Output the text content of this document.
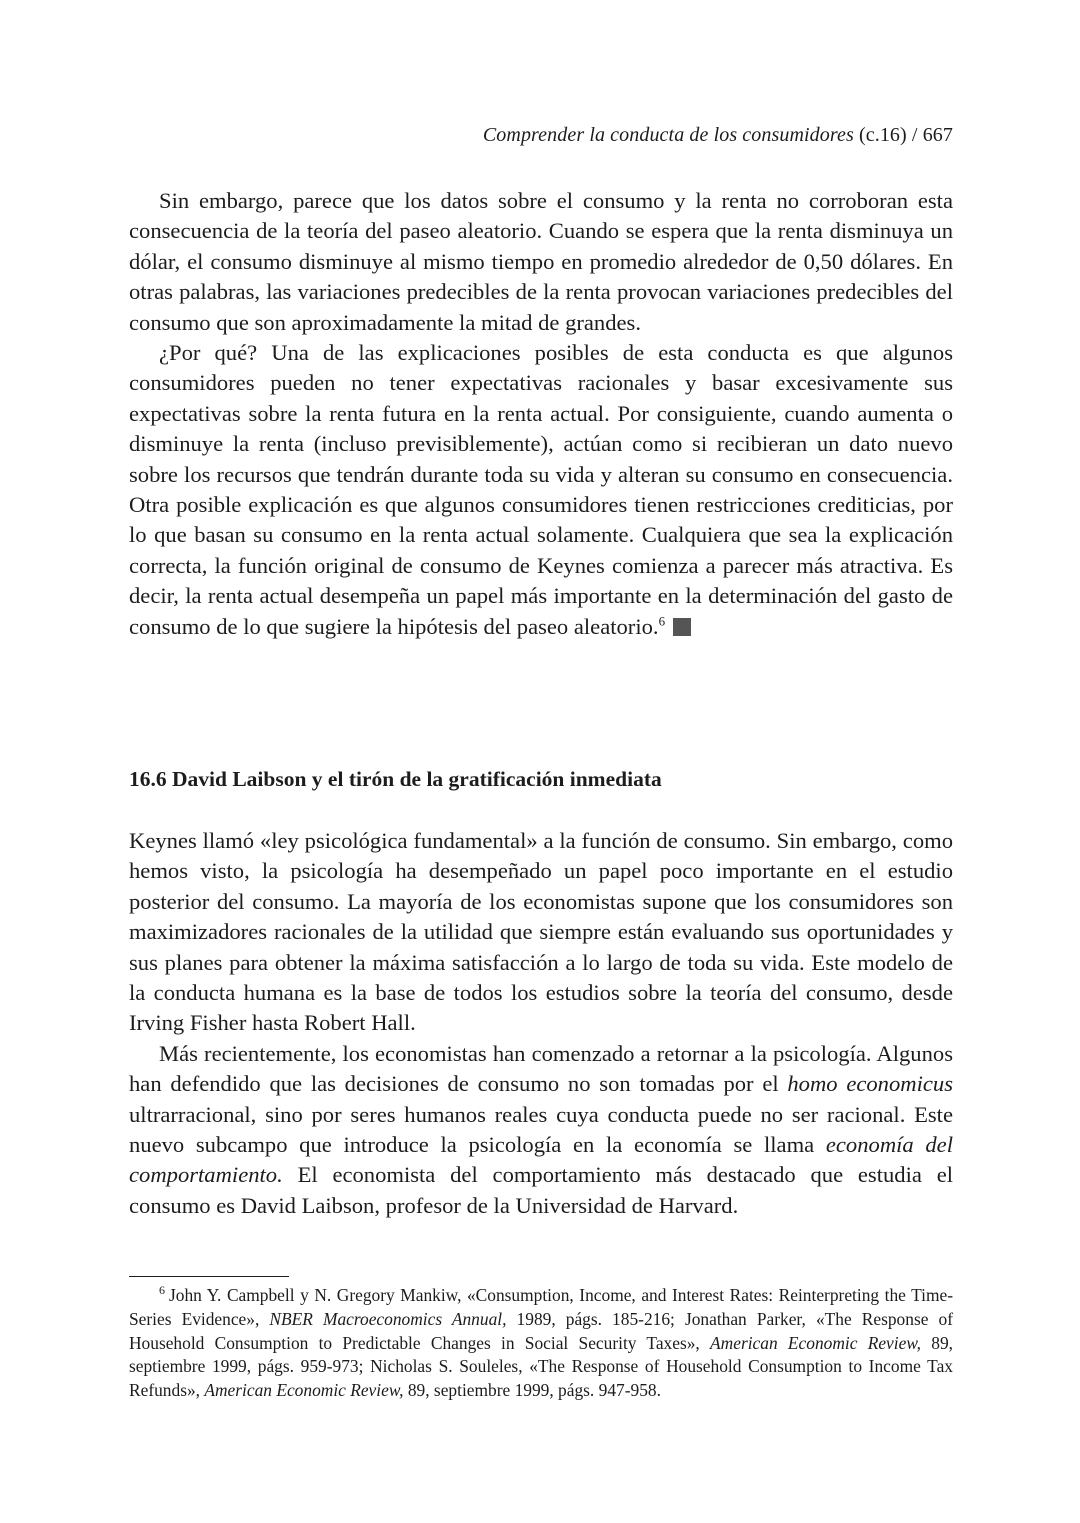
Comprender la conducta de los consumidores (c.16) / 667

Sin embargo, parece que los datos sobre el consumo y la renta no corroboran esta consecuencia de la teoría del paseo aleatorio. Cuando se espera que la renta disminuya un dólar, el consumo disminuye al mismo tiempo en promedio alrededor de 0,50 dólares. En otras palabras, las variaciones predecibles de la renta provocan variaciones predecibles del consumo que son aproximadamente la mitad de grandes.

¿Por qué? Una de las explicaciones posibles de esta conducta es que algunos consumidores pueden no tener expectativas racionales y basar excesivamente sus expectativas sobre la renta futura en la renta actual. Por consiguiente, cuando aumenta o disminuye la renta (incluso previsiblemente), actúan como si recibieran un dato nuevo sobre los recursos que tendrán durante toda su vida y alteran su consumo en consecuencia. Otra posible explicación es que algunos consumidores tienen restricciones crediticias, por lo que basan su consumo en la renta actual solamente. Cualquiera que sea la explicación correcta, la función original de consumo de Keynes comienza a parecer más atractiva. Es decir, la renta actual desempeña un papel más importante en la determinación del gasto de consumo de lo que sugiere la hipótesis del paseo aleatorio.$^6$

16.6 David Laibson y el tirón de la gratificación inmediata

Keynes llamó «ley psicológica fundamental» a la función de consumo. Sin embargo, como hemos visto, la psicología ha desempeñado un papel poco importante en el estudio posterior del consumo. La mayoría de los economistas supone que los consumidores son maximizadores racionales de la utilidad que siempre están evaluando sus oportunidades y sus planes para obtener la máxima satisfacción a lo largo de toda su vida. Este modelo de la conducta humana es la base de todos los estudios sobre la teoría del consumo, desde Irving Fisher hasta Robert Hall.

Más recientemente, los economistas han comenzado a retornar a la psicología. Algunos han defendido que las decisiones de consumo no son tomadas por el homo economicus ultrarracional, sino por seres humanos reales cuya conducta puede no ser racional. Este nuevo subcampo que introduce la psicología en la economía se llama economía del comportamiento. El economista del comportamiento más destacado que estudia el consumo es David Laibson, profesor de la Universidad de Harvard.

$^6$ John Y. Campbell y N. Gregory Mankiw, «Consumption, Income, and Interest Rates: Reinterpreting the Time-Series Evidence», NBER Macroeconomics Annual, 1989, págs. 185-216; Jonathan Parker, «The Response of Household Consumption to Predictable Changes in Social Security Taxes», American Economic Review, 89, septiembre 1999, págs. 959-973; Nicholas S. Souleles, «The Response of Household Consumption to Income Tax Refunds», American Economic Review, 89, septiembre 1999, págs. 947-958.
